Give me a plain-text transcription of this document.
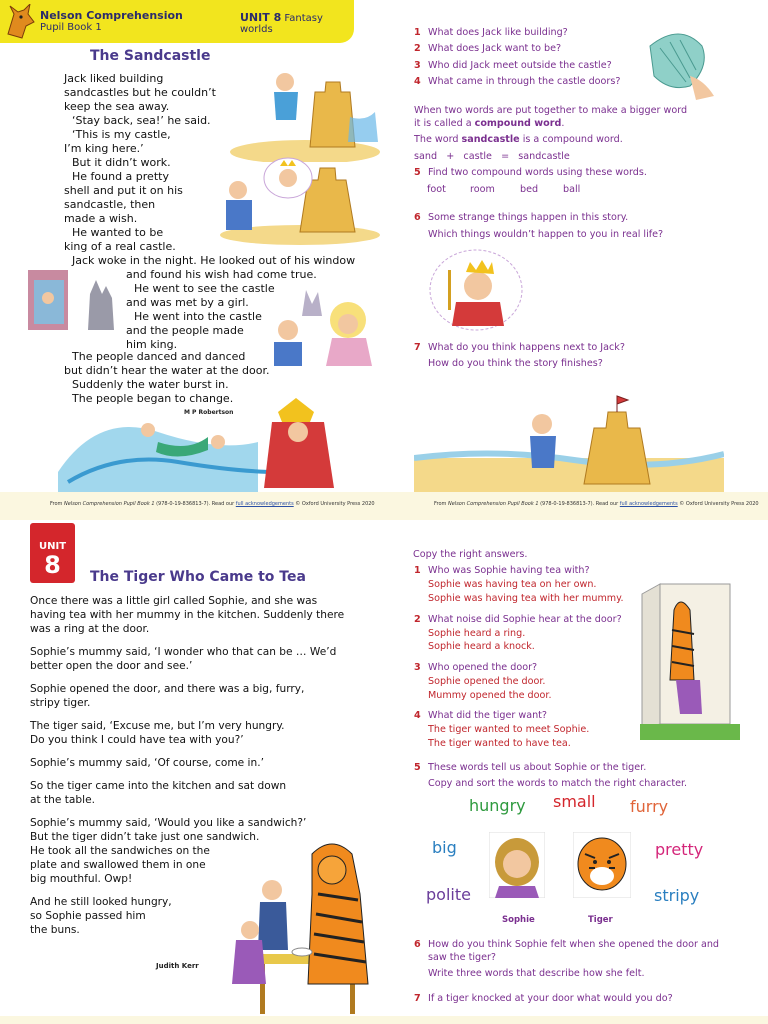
Nelson Comprehension
Pupil Book 1
UNIT 8 Fantasy worlds
The Sandcastle
Jack liked building
sandcastles but he couldn’t
keep the sea away.
‘Stay back, sea!’ he said.
‘This is my castle,
I’m king here.’
But it didn’t work.
He found a pretty
shell and put it on his
sandcastle, then
made a wish.
He wanted to be
king of a real castle.
Jack woke in the night. He looked out of his window
and found his wish had come true.
He went to see the castle
and was met by a girl.
He went into the castle
and the people made
him king.
The people danced and danced
but didn’t hear the water at the door.
Suddenly the water burst in.
The people began to change.
M P Robertson
From Nelson Comprehension Pupil Book 1 (978-0-19-836813-7). Read our full acknowledgements © Oxford University Press 2020
1 What does Jack like building?
2 What does Jack want to be?
3 Who did Jack meet outside the castle?
4 What came in through the castle doors?
When two words are put together to make a bigger word
it is called a compound word.
The word sandcastle is a compound word.
sand + castle = sandcastle
5 Find two compound words using these words.
foot	room	bed	ball
6 Some strange things happen in this story.
Which things wouldn’t happen to you in real life?
7 What do you think happens next to Jack?
How do you think the story finishes?
From Nelson Comprehension Pupil Book 1 (978-0-19-836813-7). Read our full acknowledgements © Oxford University Press 2020
UNIT
8	The Tiger Who Came to Tea

Once there was a little girl called Sophie, and she was
having tea with her mummy in the kitchen. Suddenly there
was a ring at the door.

Sophie’s mummy said, ‘I wonder who that can be … We’d
better open the door and see.’

Sophie opened the door, and there was a big, furry,
stripy tiger.

The tiger said, ‘Excuse me, but I’m very hungry.
Do you think I could have tea with you?’

Sophie’s mummy said, ‘Of course, come in.’

So the tiger came into the kitchen and sat down
at the table.

Sophie’s mummy said, ‘Would you like a sandwich?’
But the tiger didn’t take just one sandwich.
He took all the sandwiches on the
plate and swallowed them in one
big mouthful. Owp!

And he still looked hungry,
so Sophie passed him
the buns.

Judith Kerr
Copy the right answers.
1 Who was Sophie having tea with?
Sophie was having tea on her own.
Sophie was having tea with her mummy.
2 What noise did Sophie hear at the door?
Sophie heard a ring.
Sophie heard a knock.
3 Who opened the door?
Sophie opened the door.
Mummy opened the door.
4 What did the tiger want?
The tiger wanted to meet Sophie.
The tiger wanted to have tea.
5 These words tell us about Sophie or the tiger.
Copy and sort the words to match the right character.
hungry small furry
big	pretty
polite	stripy
Sophie	Tiger
6 How do you think Sophie felt when she opened the door and
saw the tiger?
Write three words that describe how she felt.
7 If a tiger knocked at your door what would you do?
